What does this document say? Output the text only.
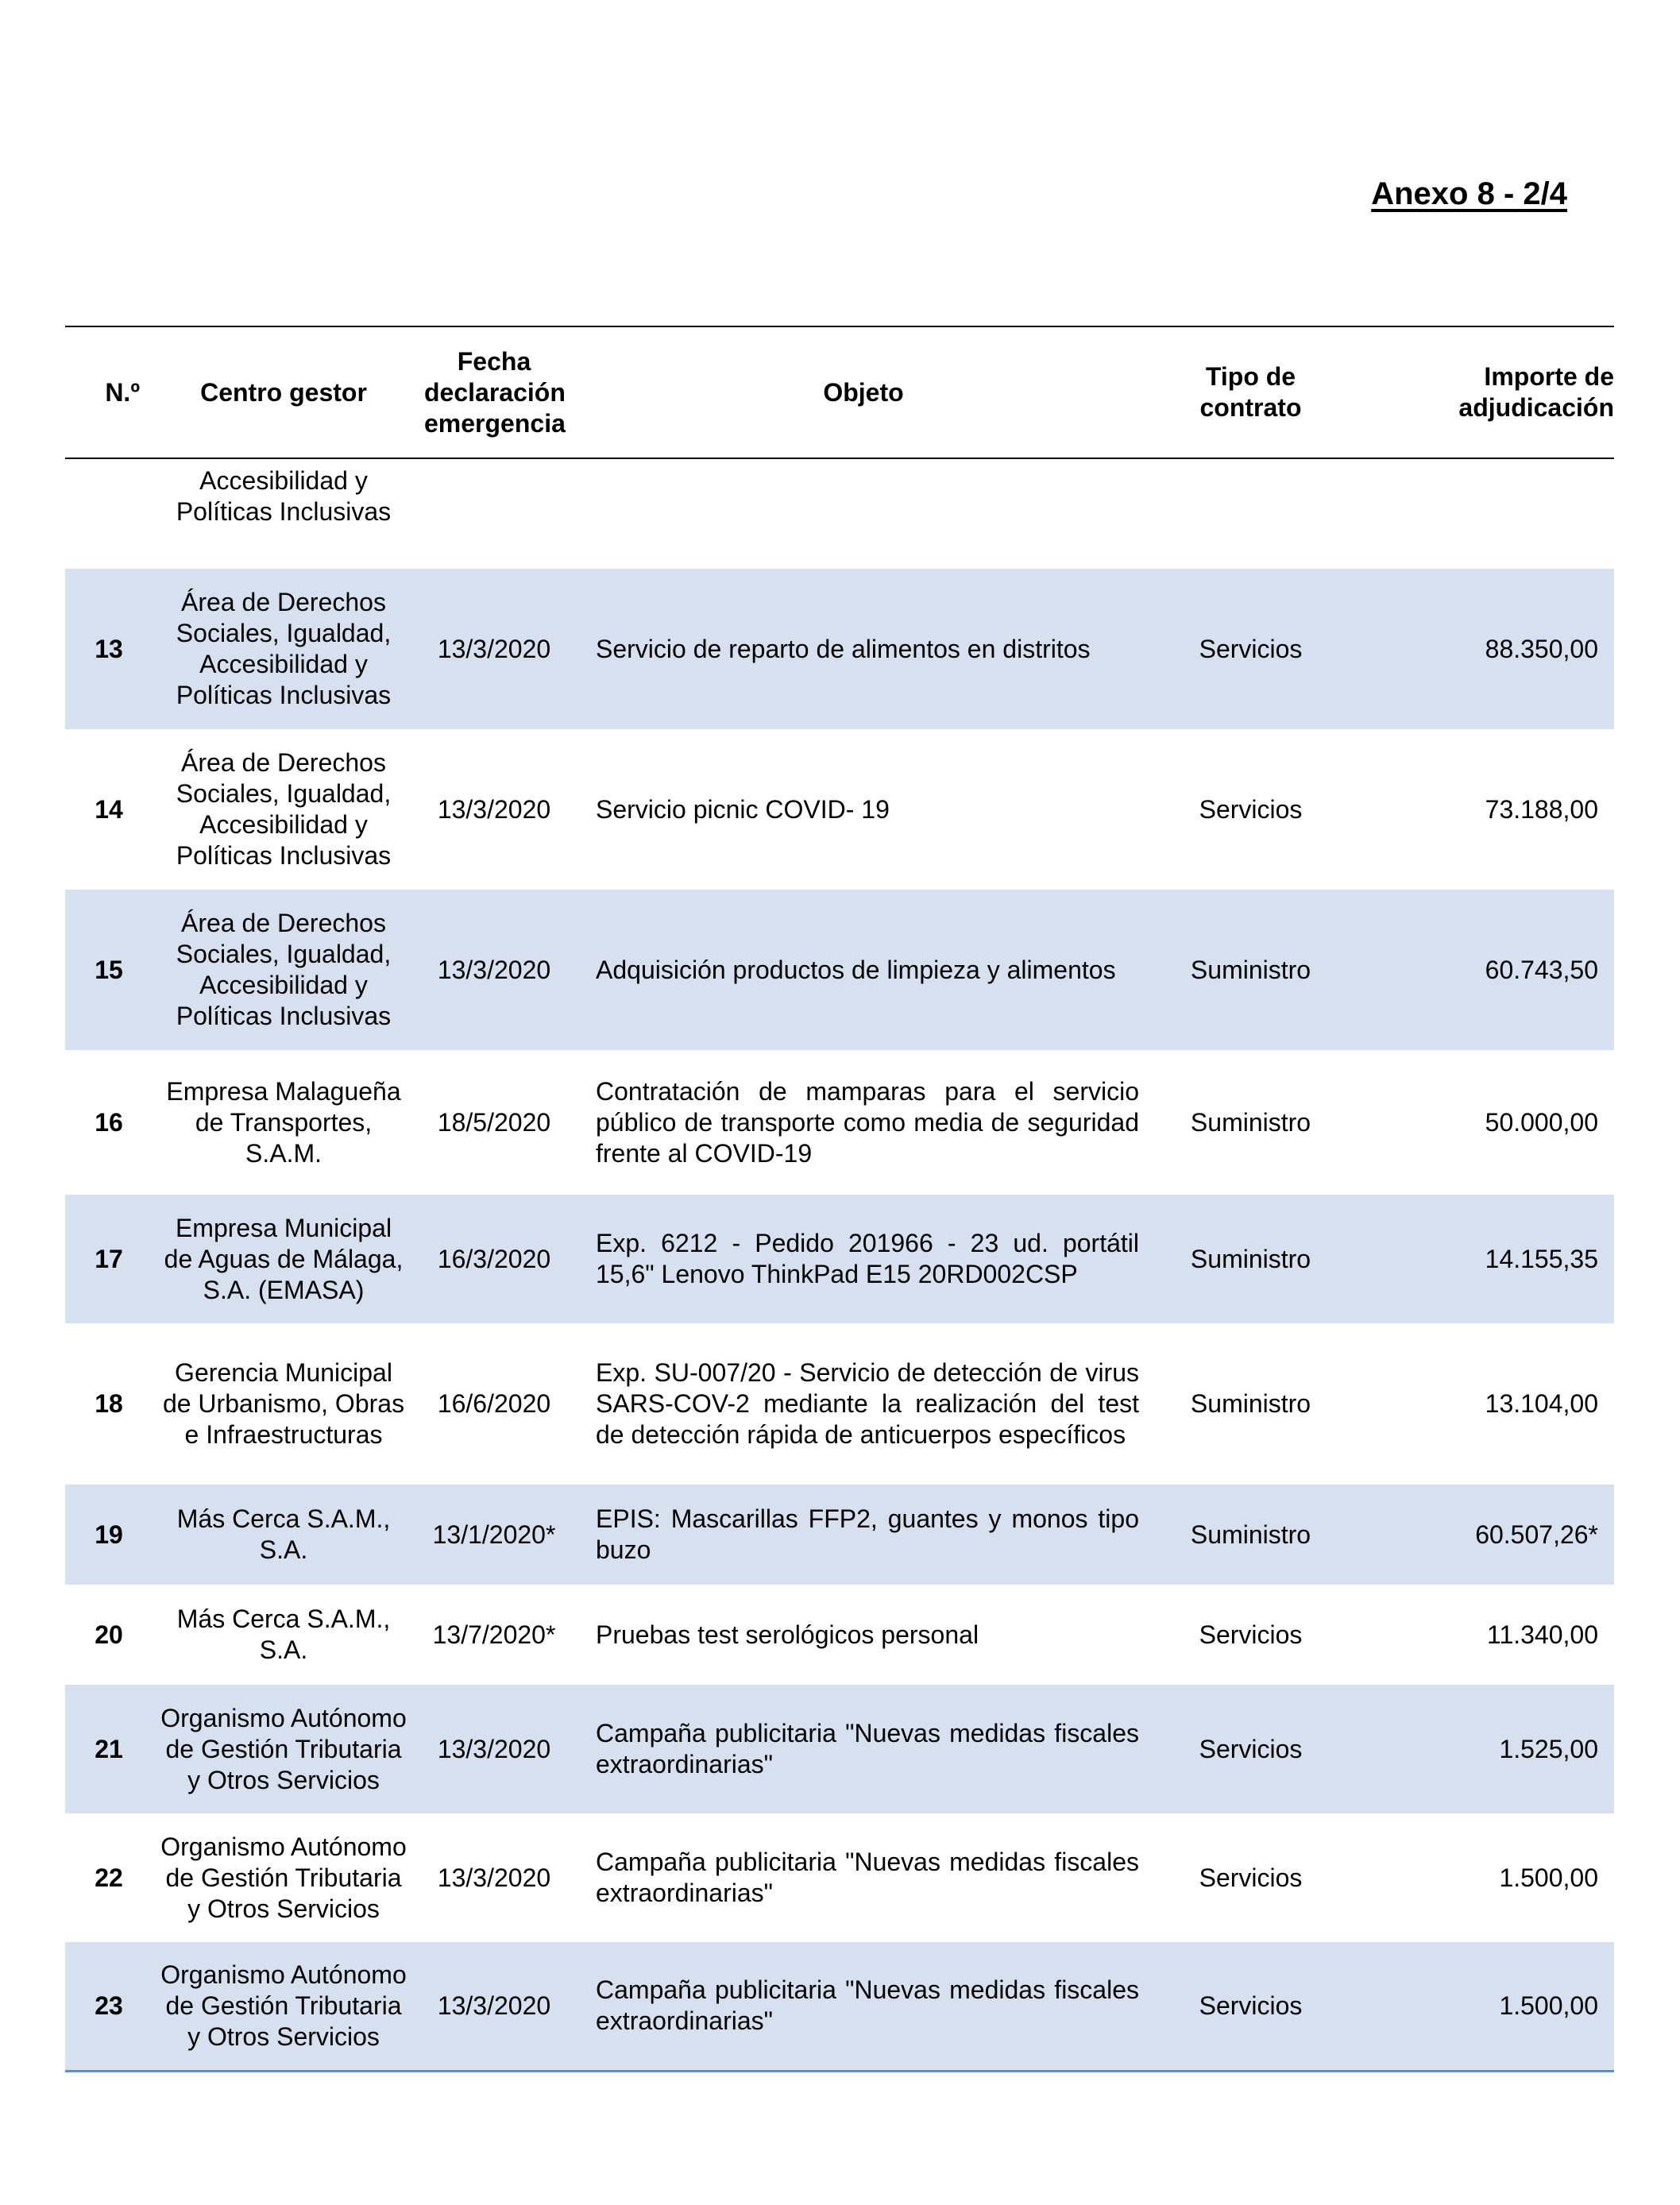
Anexo 8 - 2/4
N.º	Centro gestor	Fecha declaración emergencia	Objeto	Tipo de contrato	Importe de adjudicación
	Accesibilidad y Políticas Inclusivas				
13	Área de Derechos Sociales, Igualdad, Accesibilidad y Políticas Inclusivas	13/3/2020	Servicio de reparto de alimentos en distritos	Servicios	88.350,00
14	Área de Derechos Sociales, Igualdad, Accesibilidad y Políticas Inclusivas	13/3/2020	Servicio picnic COVID- 19	Servicios	73.188,00
15	Área de Derechos Sociales, Igualdad, Accesibilidad y Políticas Inclusivas	13/3/2020	Adquisición productos de limpieza y alimentos	Suministro	60.743,50
16	Empresa Malagueña de Transportes, S.A.M.	18/5/2020	Contratación de mamparas para el servicio público de transporte como media de seguridad frente al COVID-19	Suministro	50.000,00
17	Empresa Municipal de Aguas de Málaga, S.A. (EMASA)	16/3/2020	Exp. 6212 - Pedido 201966 - 23 ud. portátil 15,6" Lenovo ThinkPad E15 20RD002CSP	Suministro	14.155,35
18	Gerencia Municipal de Urbanismo, Obras e Infraestructuras	16/6/2020	Exp. SU-007/20 - Servicio de detección de virus SARS-COV-2 mediante la realización del test de detección rápida de anticuerpos específicos	Suministro	13.104,00
19	Más Cerca S.A.M., S.A.	13/1/2020*	EPIS: Mascarillas FFP2, guantes y monos tipo buzo	Suministro	60.507,26*
20	Más Cerca S.A.M., S.A.	13/7/2020*	Pruebas test serológicos personal	Servicios	11.340,00
21	Organismo Autónomo de Gestión Tributaria y Otros Servicios	13/3/2020	Campaña publicitaria "Nuevas medidas fiscales extraordinarias"	Servicios	1.525,00
22	Organismo Autónomo de Gestión Tributaria y Otros Servicios	13/3/2020	Campaña publicitaria "Nuevas medidas fiscales extraordinarias"	Servicios	1.500,00
23	Organismo Autónomo de Gestión Tributaria y Otros Servicios	13/3/2020	Campaña publicitaria "Nuevas medidas fiscales extraordinarias"	Servicios	1.500,00
